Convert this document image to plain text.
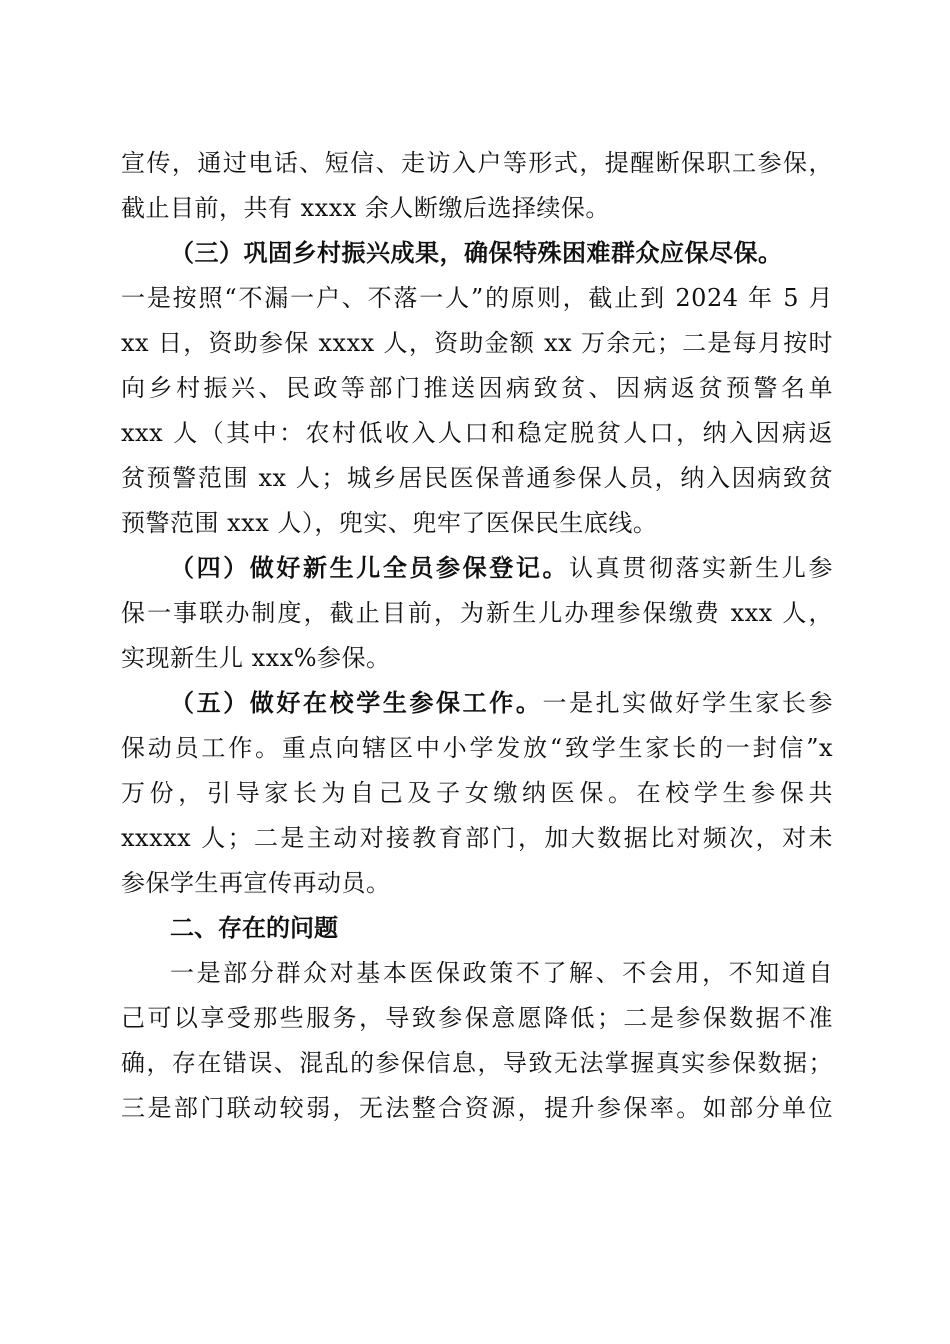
宣传，通过电话、短信、走访入户等形式，提醒断保职工参保，
截止目前，共有 xxxx 余人断缴后选择续保。
（三）巩固乡村振兴成果，确保特殊困难群众应保尽保。
一是按照“不漏一户、不落一人”的原则，截止到 2024 年 5 月
xx 日，资助参保 xxxx 人，资助金额 xx 万余元；二是每月按时
向乡村振兴、民政等部门推送因病致贫、因病返贫预警名单
xxx 人（其中：农村低收入人口和稳定脱贫人口，纳入因病返
贫预警范围 xx 人；城乡居民医保普通参保人员，纳入因病致贫
预警范围 xxx 人），兜实、兜牢了医保民生底线。
（四）做好新生儿全员参保登记。认真贯彻落实新生儿参
保一事联办制度，截止目前，为新生儿办理参保缴费 xxx 人，
实现新生儿 xxx%参保。
（五）做好在校学生参保工作。一是扎实做好学生家长参
保动员工作。重点向辖区中小学发放“致学生家长的一封信”x
万份，引导家长为自己及子女缴纳医保。在校学生参保共
xxxxx 人；二是主动对接教育部门，加大数据比对频次，对未
参保学生再宣传再动员。
二、存在的问题
一是部分群众对基本医保政策不了解、不会用，不知道自
己可以享受那些服务，导致参保意愿降低；二是参保数据不准
确，存在错误、混乱的参保信息，导致无法掌握真实参保数据；
三是部门联动较弱，无法整合资源，提升参保率。如部分单位
